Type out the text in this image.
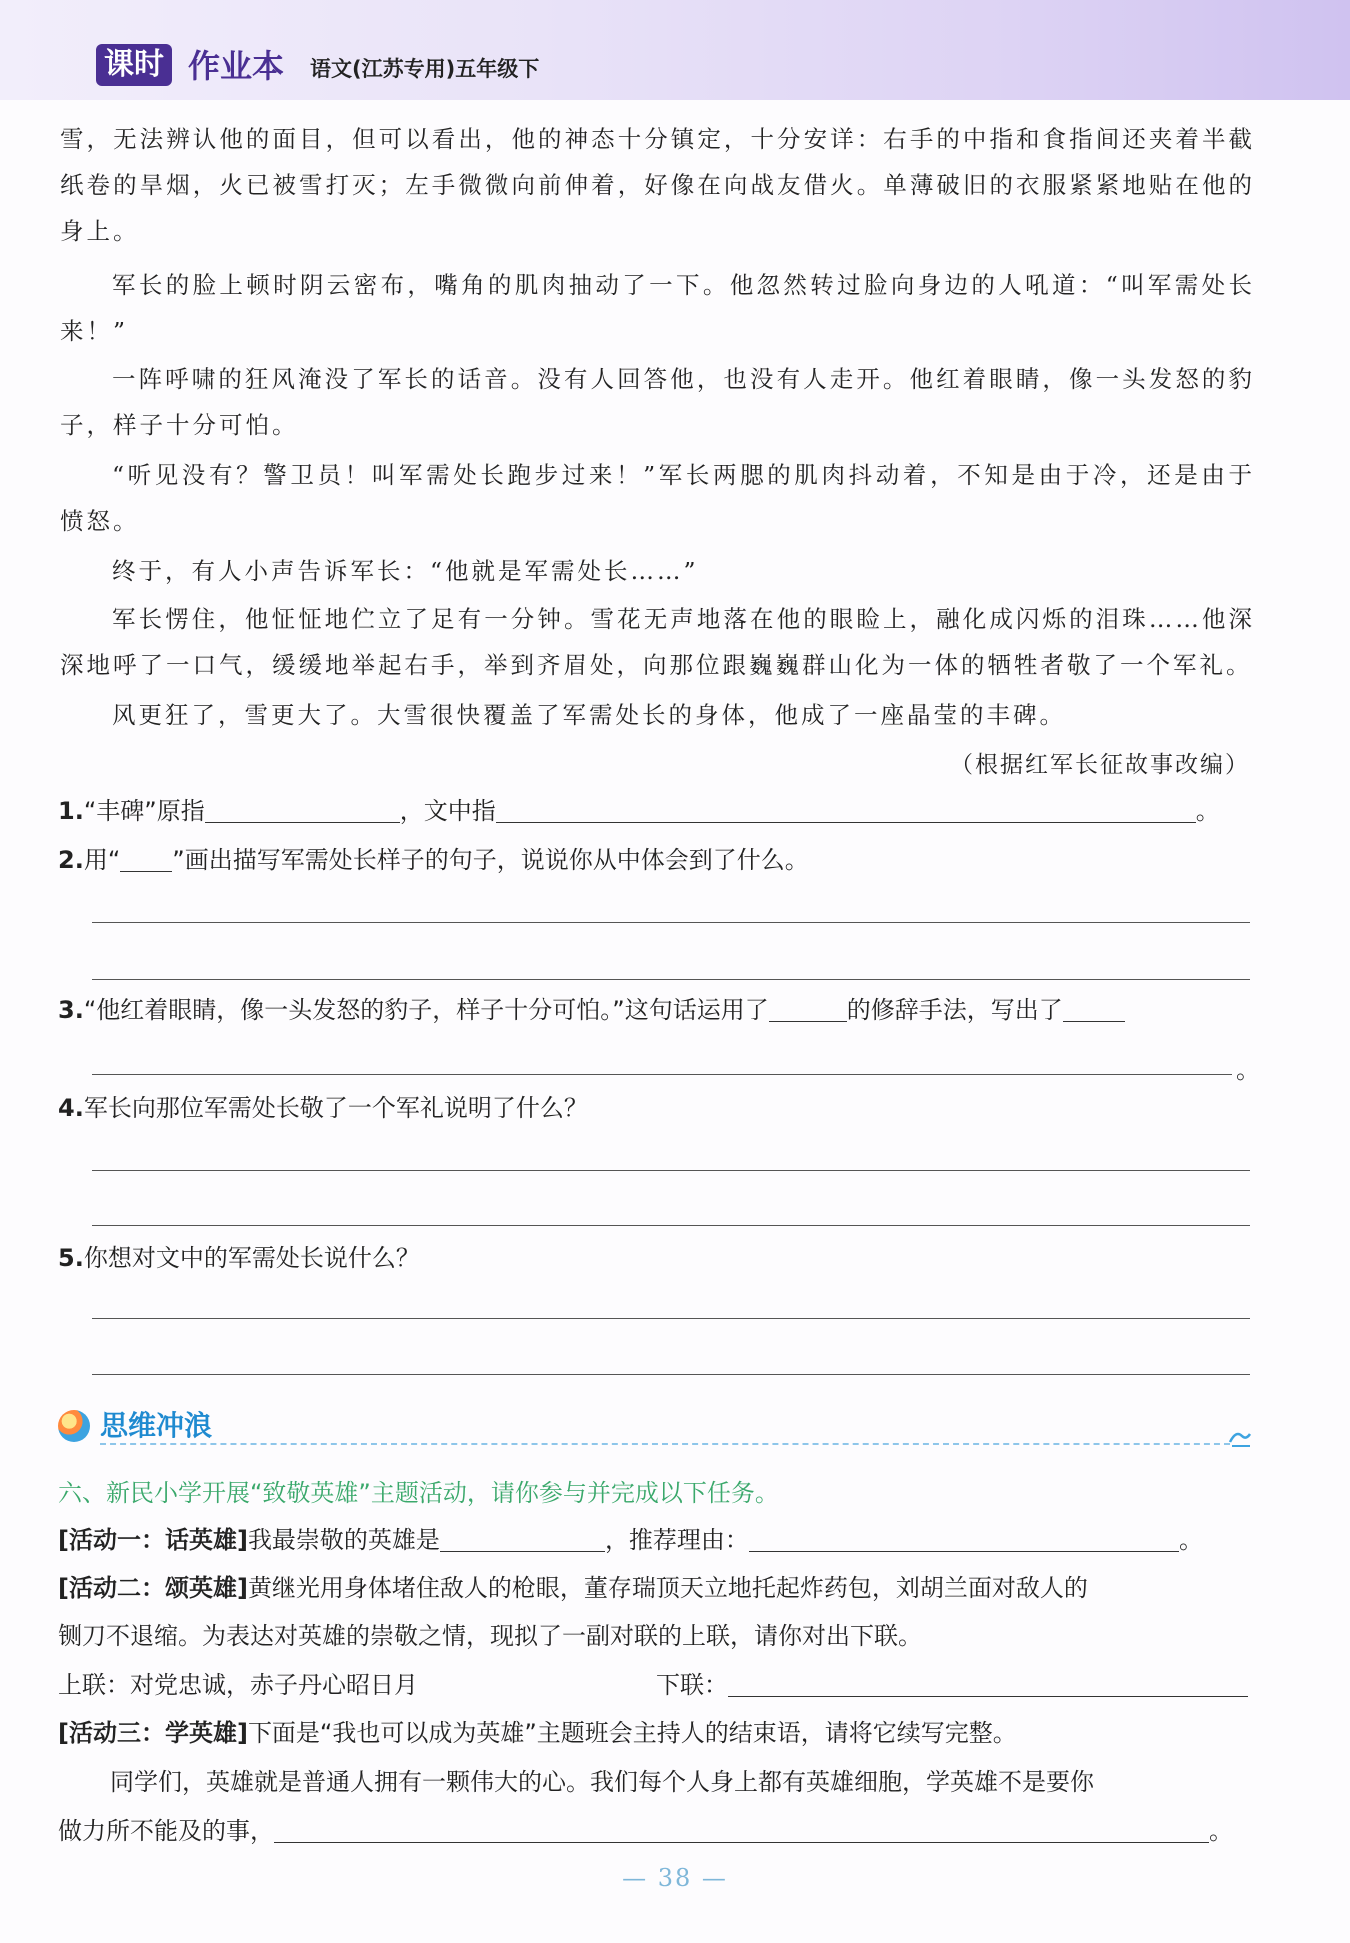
课时 作业本 语文(江苏专用)五年级下

雪，无法辨认他的面目，但可以看出，他的神态十分镇定，十分安详：右手的中指和食指间还夹着半截纸卷的旱烟，火已被雪打灭；左手微微向前伸着，好像在向战友借火。单薄破旧的衣服紧紧地贴在他的身上。

军长的脸上顿时阴云密布，嘴角的肌肉抽动了一下。他忽然转过脸向身边的人吼道：“叫军需处长来！”

一阵呼啸的狂风淹没了军长的话音。没有人回答他，也没有人走开。他红着眼睛，像一头发怒的豹子，样子十分可怕。

“听见没有？警卫员！叫军需处长跑步过来！”军长两腮的肌肉抖动着，不知是由于冷，还是由于愤怒。

终于，有人小声告诉军长：“他就是军需处长……”

军长愣住，他怔怔地伫立了足有一分钟。雪花无声地落在他的眼睑上，融化成闪烁的泪珠……他深深地呼了一口气，缓缓地举起右手，举到齐眉处，向那位跟巍巍群山化为一体的牺牲者敬了一个军礼。

风更狂了，雪更大了。大雪很快覆盖了军需处长的身体，他成了一座晶莹的丰碑。

（根据红军长征故事改编）
1.“丰碑”原指	，文中指	。
2.用“ ”画出描写军需处长样子的句子，说说你从中体会到了什么。
3.“他红着眼睛，像一头发怒的豹子，样子十分可怕。”这句话运用了	的修辞手法，写出了
。
4.军长向那位军需处长敬了一个军礼说明了什么？
5.你想对文中的军需处长说什么？
思维冲浪
六、新民小学开展“致敬英雄”主题活动，请你参与并完成以下任务。
[活动一：话英雄]我最崇敬的英雄是	，推荐理由：	。
[活动二：颂英雄]黄继光用身体堵住敌人的枪眼，董存瑞顶天立地托起炸药包，刘胡兰面对敌人的
铡刀不退缩。为表达对英雄的崇敬之情，现拟了一副对联的上联，请你对出下联。
上联：对党忠诚，赤子丹心昭日月	下联：
[活动三：学英雄]下面是“我也可以成为英雄”主题班会主持人的结束语，请将它续写完整。
同学们，英雄就是普通人拥有一颗伟大的心。我们每个人身上都有英雄细胞，学英雄不是要你
做力所不能及的事，	。
— 38 —
